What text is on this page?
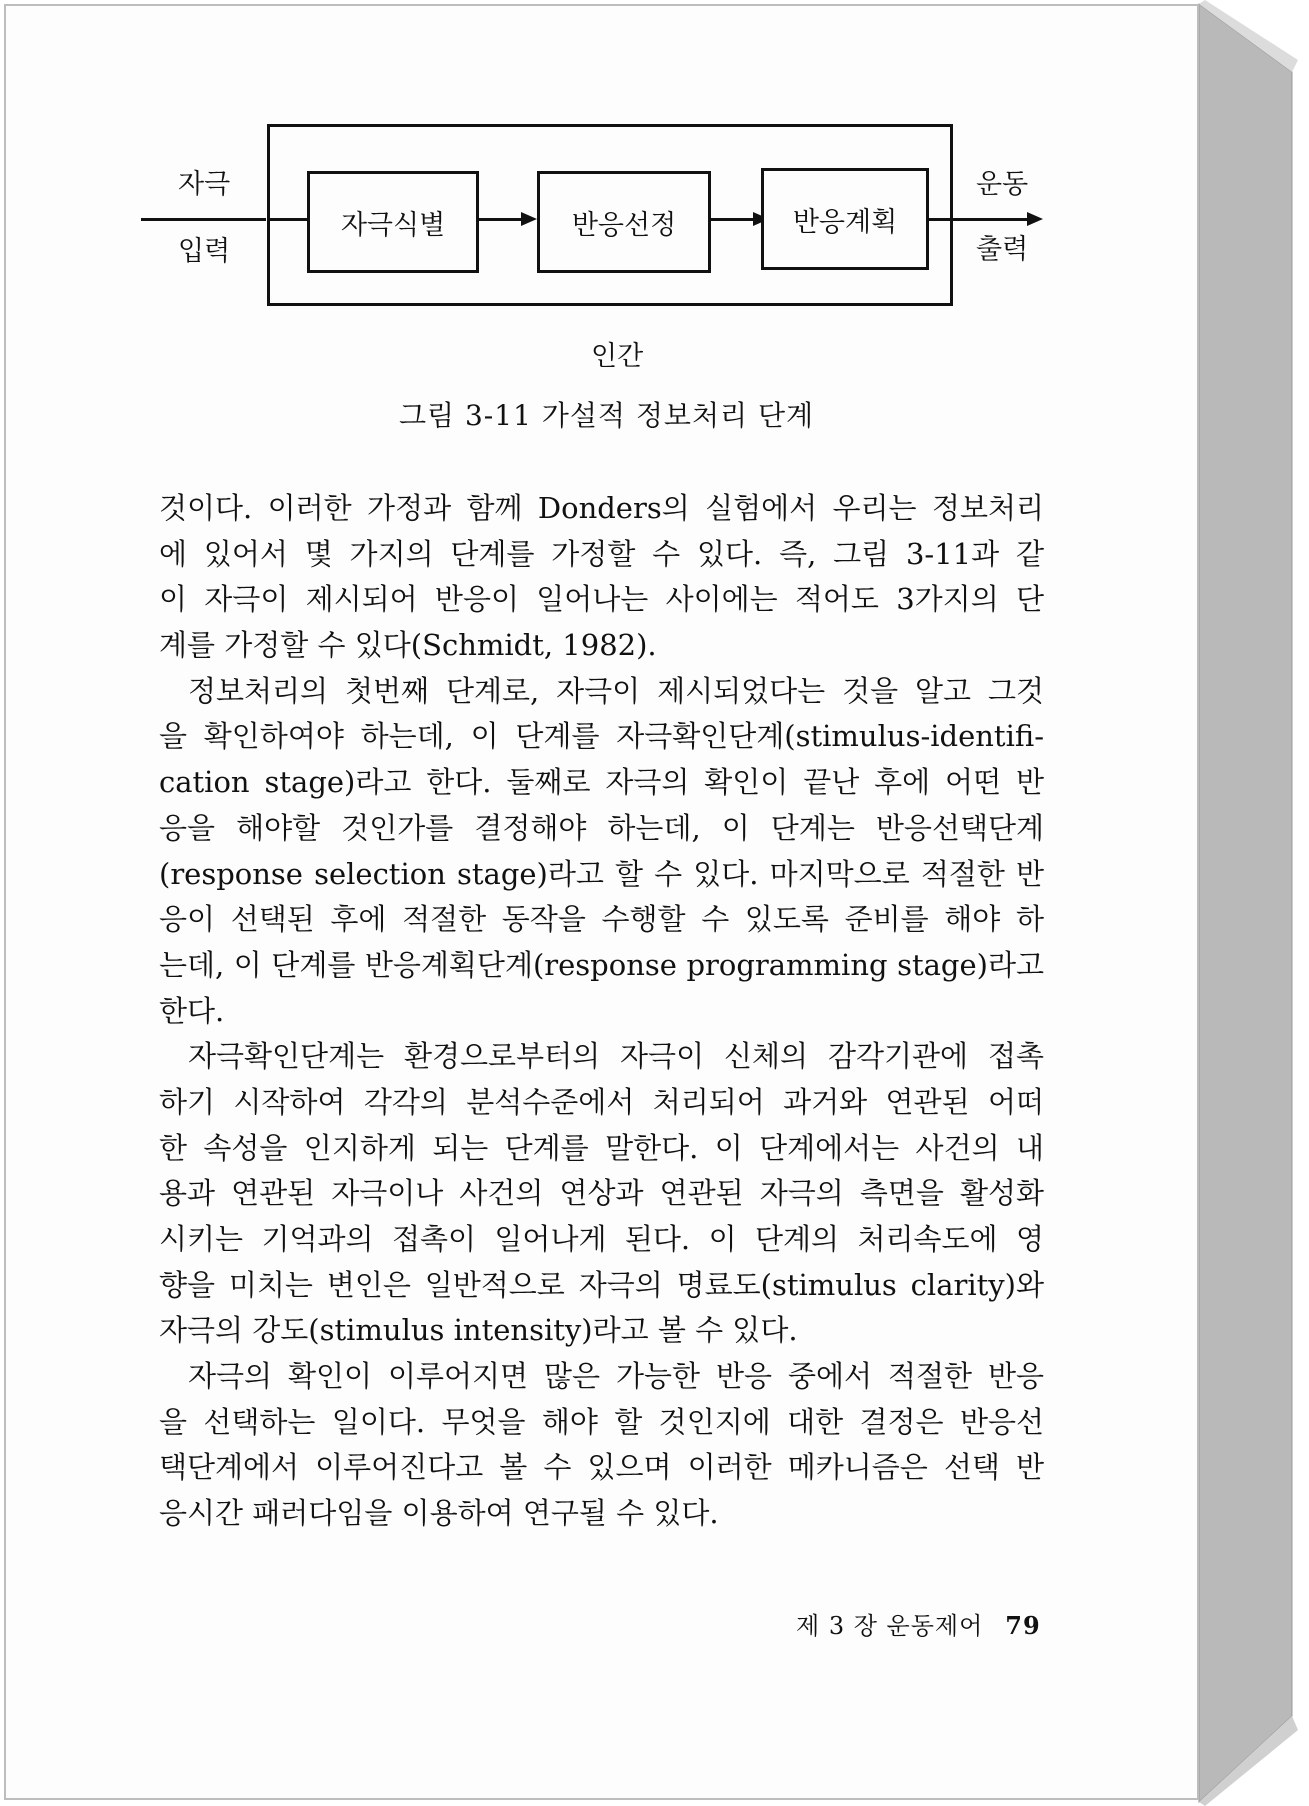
자극
입력
자극식별	반응선정	반응계획
운동
출력
인간
그림 3-11 가설적 정보처리 단계
것이다. 이러한 가정과 함께 Donders의 실험에서 우리는 정보처리
에 있어서 몇 가지의 단계를 가정할 수 있다. 즉, 그림 3-11과 같
이 자극이 제시되어 반응이 일어나는 사이에는 적어도 3가지의 단
계를 가정할 수 있다(Schmidt, 1982).
정보처리의 첫번째 단계로, 자극이 제시되었다는 것을 알고 그것
을 확인하여야 하는데, 이 단계를 자극확인단계(stimulus-identifi-
cation stage)라고 한다. 둘째로 자극의 확인이 끝난 후에 어떤 반
응을 해야할 것인가를 결정해야 하는데, 이 단계는 반응선택단계
(response selection stage)라고 할 수 있다. 마지막으로 적절한 반
응이 선택된 후에 적절한 동작을 수행할 수 있도록 준비를 해야 하
는데, 이 단계를 반응계획단계(response programming stage)라고
한다.
자극확인단계는 환경으로부터의 자극이 신체의 감각기관에 접촉
하기 시작하여 각각의 분석수준에서 처리되어 과거와 연관된 어떠
한 속성을 인지하게 되는 단계를 말한다. 이 단계에서는 사건의 내
용과 연관된 자극이나 사건의 연상과 연관된 자극의 측면을 활성화
시키는 기억과의 접촉이 일어나게 된다. 이 단계의 처리속도에 영
향을 미치는 변인은 일반적으로 자극의 명료도(stimulus clarity)와
자극의 강도(stimulus intensity)라고 볼 수 있다.
자극의 확인이 이루어지면 많은 가능한 반응 중에서 적절한 반응
을 선택하는 일이다. 무엇을 해야 할 것인지에 대한 결정은 반응선
택단계에서 이루어진다고 볼 수 있으며 이러한 메카니즘은 선택 반
응시간 패러다임을 이용하여 연구될 수 있다.
제 3 장 운동제어 79
